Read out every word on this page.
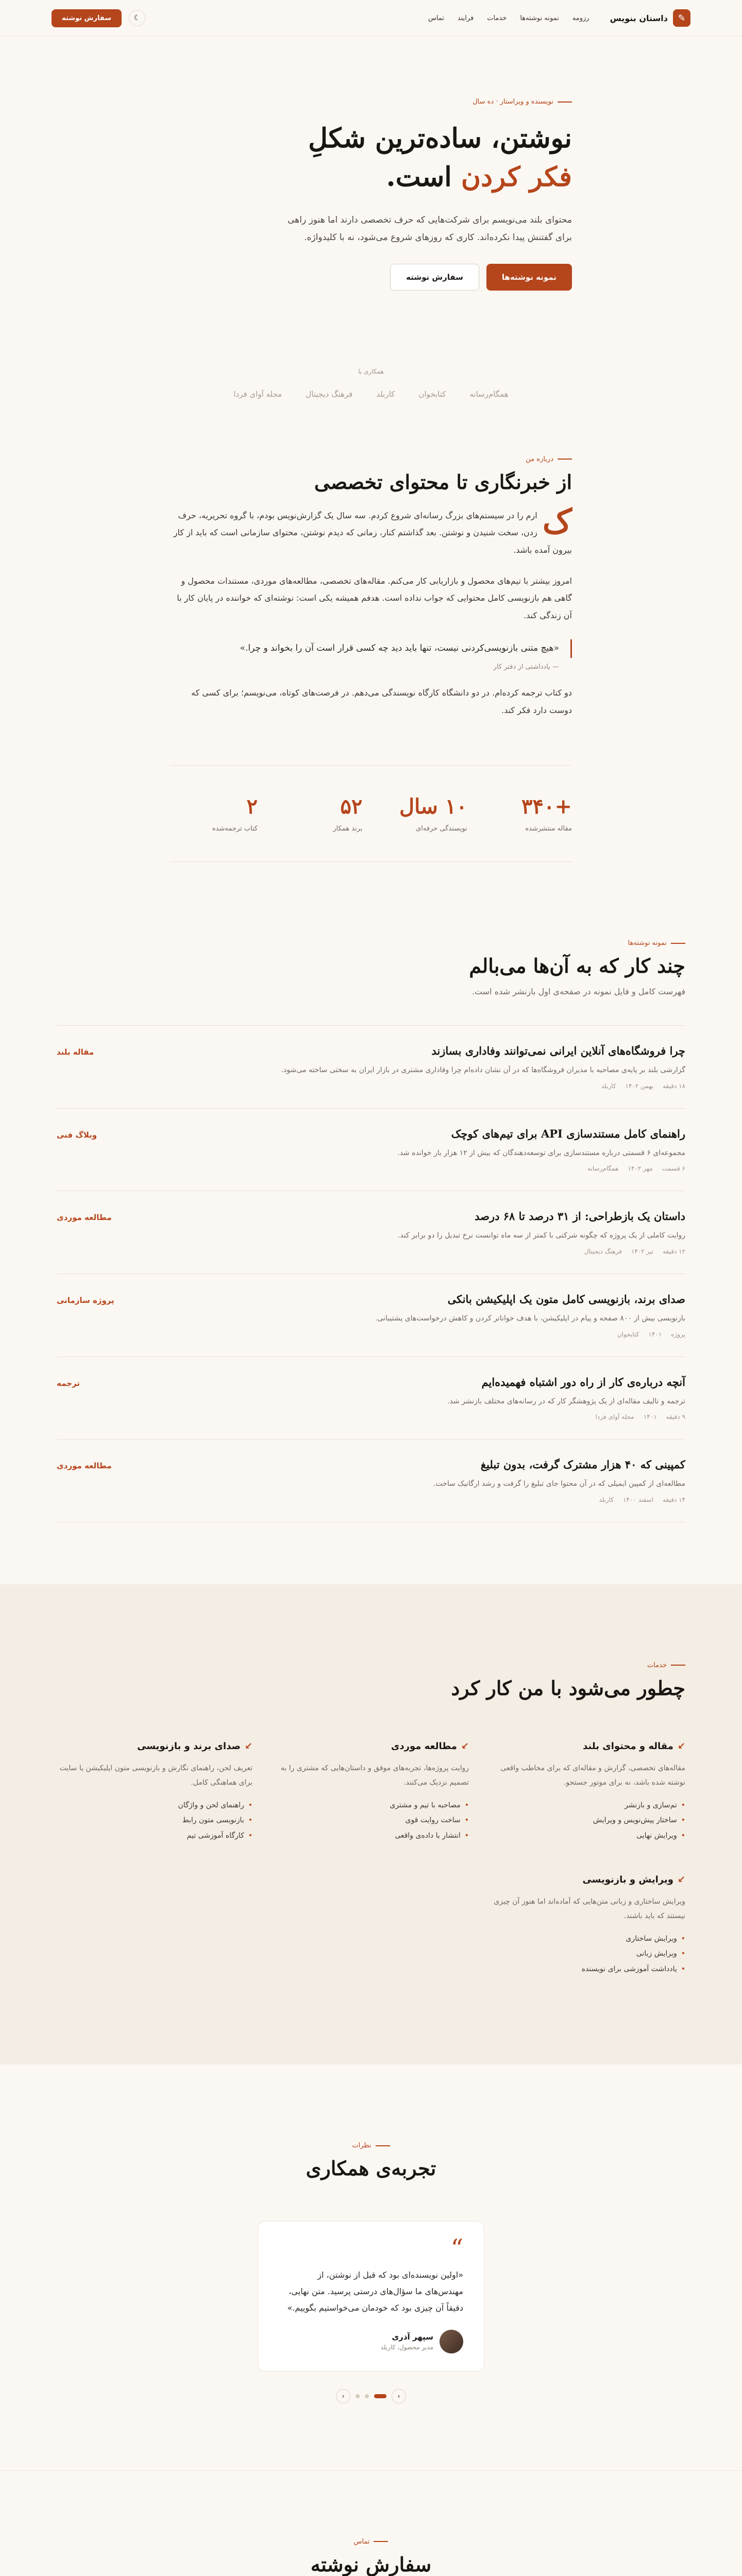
✎
داستان بنویس
رزومه
نمونه نوشته‌ها
خدمات
فرایند
تماس
☾
سفارش نوشته
نویسنده و ویراستار · ده سال
نوشتن، ساده‌ترین شکلِ
فکر کردن است.

محتوای بلند می‌نویسم برای شرکت‌هایی که حرف تخصصی دارند اما هنوز راهی برای گفتنش پیدا نکرده‌اند. کاری که روزهای شروع می‌شود، نه با کلیدواژه.

نمونه نوشته‌ها
سفارش نوشته
همکاری با
همگام‌رسانه
کتابخوان
کاربلد
فرهنگ دیجیتال
مجله آوای فردا
درباره من
از خبرنگاری تا محتوای تخصصی

ک
ارم را در سیستم‌های بزرگ رسانه‌ای شروع کردم. سه سال یک گزارش‌نویس بودم، با گروه تحریریه، حرف زدن، سخت شنیدن و نوشتن. بعد گذاشتم کنار، زمانی که دیدم نوشتن، محتوای سازمانی است که باید از کار بیرون آمده باشد.

امروز بیشتر با تیم‌های محصول و بازاریابی کار می‌کنم. مقاله‌های تخصصی، مطالعه‌های موردی، مستندات محصول و گاهی هم بازنویسی کامل محتوایی که جواب نداده است. هدفم همیشه یکی است: نوشته‌ای که خواننده در پایان کار با آن زندگی کند.

«هیچ متنی بازنویسی‌کردنی نیست، تنها باید دید چه کسی قرار است آن را بخواند و چرا.»
— یادداشتی از دفتر کار

دو کتاب ترجمه کرده‌ام. در دو دانشگاه کارگاه نویسندگی می‌دهم. در فرصت‌های کوتاه، می‌نویسم؛ برای کسی که دوست دارد فکر کند.

+۳۴۰
مقاله منتشرشده
۱۰ سال
نویسندگی حرفه‌ای
۵۲
برند همکار
۲
کتاب ترجمه‌شده
نمونه نوشته‌ها
چند کار که به آن‌ها می‌بالم
فهرست کامل و فایل نمونه در صفحه‌ی اول بازنشر شده است.
چرا فروشگاه‌های آنلاین ایرانی نمی‌توانند وفاداری بسازند
گزارشی بلند بر پایه‌ی مصاحبه با مدیران فروشگاه‌ها که در آن نشان داده‌ام چرا وفاداری مشتری در بازار ایران به سختی ساخته می‌شود.
۱۸ دقیقه
بهمن ۱۴۰۲
کاربلد
مقاله بلند
راهنمای کامل مستندسازی API برای تیم‌های کوچک
مجموعه‌ای ۶ قسمتی درباره مستندسازی برای توسعه‌دهندگان که بیش از ۱۲ هزار بار خوانده شد.
۶ قسمت
مهر ۱۴۰۲
همگام‌رسانه
وبلاگ فنی
داستان یک بازطراحی: از ۳۱ درصد تا ۶۸ درصد
روایت کاملی از یک پروژه که چگونه شرکتی با کمتر از سه ماه توانست نرخ تبدیل را دو برابر کند.
۱۲ دقیقه
تیر ۱۴۰۲
فرهنگ دیجیتال
مطالعه موردی
صدای برند، بازنویسی کامل متون یک اپلیکیشن بانکی
بازنویسی بیش از ۸۰۰ صفحه و پیام در اپلیکیشن، با هدف خواناتر کردن و کاهش درخواست‌های پشتیبانی.
پروژه
۱۴۰۱
کتابخوان
پروژه سازمانی
آنچه درباره‌ی کار از راه دور اشتباه فهمیده‌ایم
ترجمه و تالیف مقاله‌ای از یک پژوهشگر کار که در رسانه‌های مختلف بازنشر شد.
۹ دقیقه
۱۴۰۱
مجله آوای فردا
ترجمه
کمپینی که ۴۰ هزار مشترک گرفت، بدون تبلیغ
مطالعه‌ای از کمپین ایمیلی که در آن محتوا جای تبلیغ را گرفت و رشد ارگانیک ساخت.
۱۴ دقیقه
اسفند ۱۴۰۰
کاربلد
مطالعه موردی
خدمات
چطور می‌شود با من کار کرد
↙
مقاله و محتوای بلند
مقاله‌های تخصصی، گزارش و مقاله‌ای که برای مخاطب واقعی نوشته شده باشد، نه برای موتور جستجو.
• تم‌سازی و بازنشر
• ساختار پیش‌نویس و ویرایش
• ویرایش نهایی
↙
مطالعه موردی
روایت پروژه‌ها، تجربه‌های موفق و داستان‌هایی که مشتری را به تصمیم نزدیک می‌کنند.
• مصاحبه با تیم و مشتری
• ساخت روایت قوی
• انتشار با داده‌ی واقعی
↙
صدای برند و بازنویسی
تعریف لحن، راهنمای نگارش و بازنویسی متون اپلیکیشن یا سایت برای هماهنگی کامل.
• راهنمای لحن و واژگان
• بازنویسی متون رابط
• کارگاه آموزشی تیم
↙
ویرایش و بازنویسی
ویرایش ساختاری و زبانی متن‌هایی که آماده‌اند اما هنوز آن چیزی نیستند که باید باشند.
• ویرایش ساختاری
• ویرایش زبانی
• یادداشت آموزشی برای نویسنده
نظرات
تجربه‌ی همکاری
“
«اولین نویسنده‌ای بود که قبل از نوشتن، از مهندس‌های ما سؤال‌های درستی پرسید. متن نهایی، دقیقاً آن چیزی بود که خودمان می‌خواستیم بگوییم.»
سپهر آذری
مدیر محصول، کاربلد
›
‹
تماس
سفارش نوشته
